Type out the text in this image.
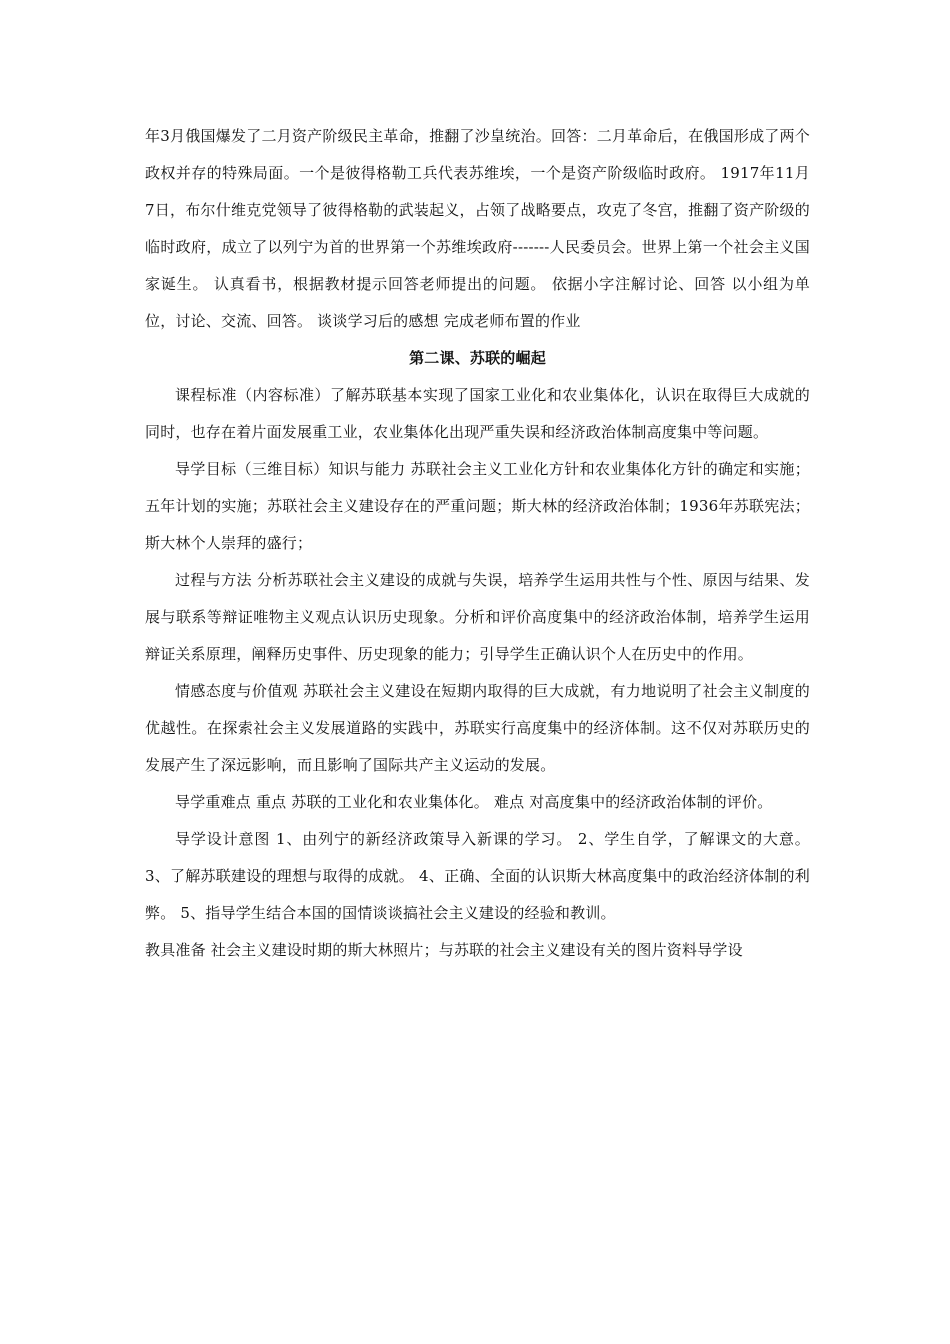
年3月俄国爆发了二月资产阶级民主革命，推翻了沙皇统治。回答：二月革命后，在俄国形成了两个政权并存的特殊局面。一个是彼得格勒工兵代表苏维埃，一个是资产阶级临时政府。 1917年11月7日，布尔什维克党领导了彼得格勒的武装起义，占领了战略要点，攻克了冬宫，推翻了资产阶级的临时政府，成立了以列宁为首的世界第一个苏维埃政府-------人民委员会。世界上第一个社会主义国家诞生。 认真看书，根据教材提示回答老师提出的问题。 依据小字注解讨论、回答 以小组为单位，讨论、交流、回答。 谈谈学习后的感想 完成老师布置的作业

第二课、苏联的崛起

课程标准（内容标准）了解苏联基本实现了国家工业化和农业集体化，认识在取得巨大成就的同时，也存在着片面发展重工业，农业集体化出现严重失误和经济政治体制高度集中等问题。

导学目标（三维目标）知识与能力 苏联社会主义工业化方针和农业集体化方针的确定和实施；五年计划的实施；苏联社会主义建设存在的严重问题；斯大林的经济政治体制；1936年苏联宪法；斯大林个人崇拜的盛行；

过程与方法 分析苏联社会主义建设的成就与失误，培养学生运用共性与个性、原因与结果、发展与联系等辩证唯物主义观点认识历史现象。分析和评价高度集中的经济政治体制，培养学生运用辩证关系原理，阐释历史事件、历史现象的能力；引导学生正确认识个人在历史中的作用。

情感态度与价值观 苏联社会主义建设在短期内取得的巨大成就，有力地说明了社会主义制度的优越性。在探索社会主义发展道路的实践中，苏联实行高度集中的经济体制。这不仅对苏联历史的发展产生了深远影响，而且影响了国际共产主义运动的发展。

导学重难点 重点 苏联的工业化和农业集体化。 难点 对高度集中的经济政治体制的评价。

导学设计意图 1、由列宁的新经济政策导入新课的学习。 2、学生自学，了解课文的大意。 3、了解苏联建设的理想与取得的成就。 4、正确、全面的认识斯大林高度集中的政治经济体制的利弊。 5、指导学生结合本国的国情谈谈搞社会主义建设的经验和教训。

教具准备 社会主义建设时期的斯大林照片；与苏联的社会主义建设有关的图片资料导学设
